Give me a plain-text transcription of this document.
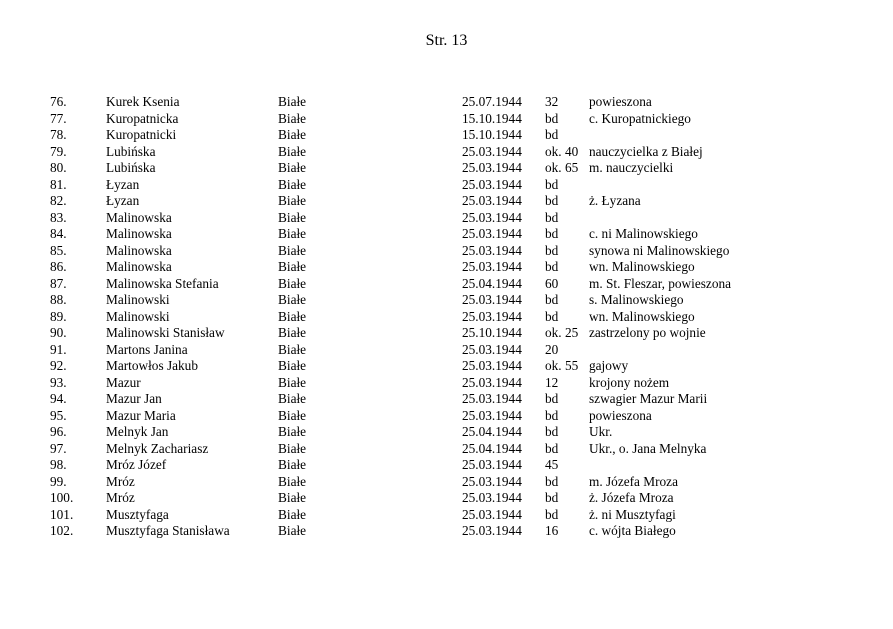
Str. 13
76.	Kurek Ksenia	Białe	25.07.1944 32 powieszona
77.	Kuropatnicka	Białe	15.10.1944 bd c. Kuropatnickiego
78.	Kuropatnicki	Białe	15.10.1944 bd
79.	Lubińska	Białe	25.03.1944 ok. 40 nauczycielka z Białej
80.	Lubińska	Białe	25.03.1944 ok. 65 m. nauczycielki
81.	Łyzan	Białe	25.03.1944 bd
82.	Łyzan	Białe	25.03.1944 bd ż. Łyzana
83.	Malinowska	Białe	25.03.1944 bd
84.	Malinowska	Białe	25.03.1944 bd c. ni Malinowskiego
85.	Malinowska	Białe	25.03.1944 bd synowa ni Malinowskiego
86.	Malinowska	Białe	25.03.1944 bd wn. Malinowskiego
87.	Malinowska Stefania	Białe	25.04.1944 60 m. St. Fleszar, powieszona
88.	Malinowski	Białe	25.03.1944 bd s. Malinowskiego
89.	Malinowski	Białe	25.03.1944 bd wn. Malinowskiego
90.	Malinowski Stanisław	Białe	25.10.1944 ok. 25 zastrzelony po wojnie
91.	Martons Janina	Białe	25.03.1944 20
92.	Martowłos Jakub	Białe	25.03.1944 ok. 55 gajowy
93.	Mazur	Białe	25.03.1944 12 krojony nożem
94.	Mazur Jan	Białe	25.03.1944 bd szwagier Mazur Marii
95.	Mazur Maria	Białe	25.03.1944 bd powieszona
96.	Melnyk Jan	Białe	25.04.1944 bd Ukr.
97.	Melnyk Zachariasz	Białe	25.04.1944 bd Ukr., o. Jana Melnyka
98.	Mróz Józef	Białe	25.03.1944 45
99.	Mróz	Białe	25.03.1944 bd m. Józefa Mroza
100. Mróz	Białe	25.03.1944 bd ż. Józefa Mroza
101. Musztyfaga	Białe	25.03.1944 bd ż. ni Musztyfagi
102. Musztyfaga Stanisława	Białe	25.03.1944 16 c. wójta Białego
